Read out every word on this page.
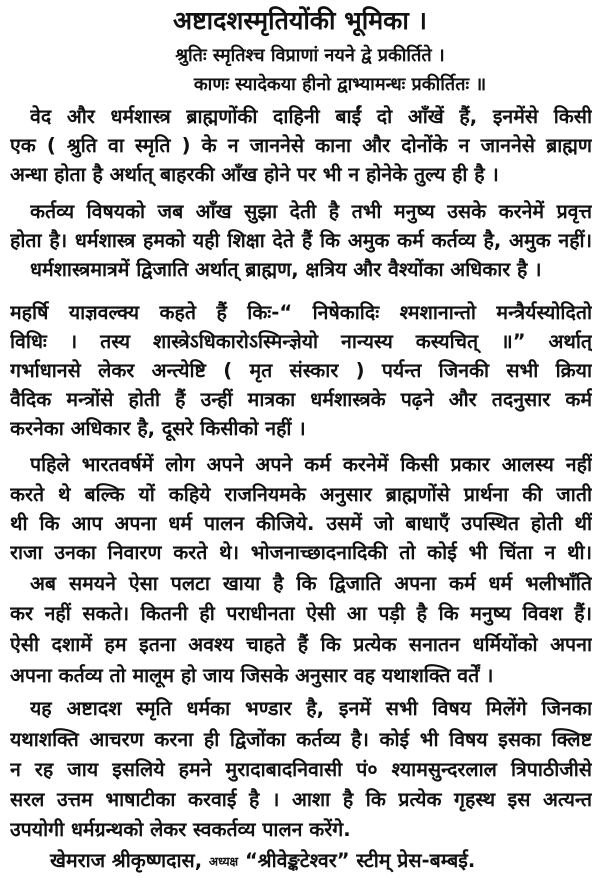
अष्टादशस्मृतियोंकी भूमिका ।
श्रुतिः स्मृतिश्च विप्राणां नयने द्वे प्रकीर्तिते ।
काणः स्यादेकया हीनो द्वाभ्यामन्धः प्रकीर्तितः ॥
वेद और धर्मशास्त्र ब्राह्मणोंकी दाहिनी बाईं दो आँखें हैं, इनमेंसे किसी
एक ( श्रुति वा स्मृति ) के न जाननेसे काना और दोनोंके न जाननेसे ब्राह्मण
अन्धा होता है अर्थात् बाहरकी आँख होने पर भी न होनेके तुल्य ही है ।
कर्तव्य विषयको जब आँख सुझा देती है तभी मनुष्य उसके करनेमें प्रवृत्त
होता है। धर्मशास्त्र हमको यही शिक्षा देते हैं कि अमुक कर्म कर्तव्य है, अमुक नहीं।
धर्मशास्त्रमात्रमें द्विजाति अर्थात् ब्राह्मण, क्षत्रिय और वैश्योंका अधिकार है ।
महर्षि याज्ञवल्क्य कहते हैं किः-“ निषेकादिः श्मशानान्तो मन्त्रैर्यस्योदितो
विधिः । तस्य शास्त्रेऽधिकारोऽस्मिन्ज्ञेयो नान्यस्य कस्यचित् ॥” अर्थात्
गर्भाधानसे लेकर अन्त्येष्टि ( मृत संस्कार ) पर्यन्त जिनकी सभी क्रिया
वैदिक मन्त्रोंसे होती हैं उन्हीं मात्रका धर्मशास्त्रके पढ़ने और तदनुसार कर्म
करनेका अधिकार है, दूसरे किसीको नहीं ।
पहिले भारतवर्षमें लोग अपने अपने कर्म करनेमें किसी प्रकार आलस्य नहीं
करते थे बल्कि यों कहिये राजनियमके अनुसार ब्राह्मणोंसे प्रार्थना की जाती
थी कि आप अपना धर्म पालन कीजिये. उसमें जो बाधाएँ उपस्थित होती थीं
राजा उनका निवारण करते थे। भोजनाच्छादनादिकी तो कोई भी चिंता न थी।
अब समयने ऐसा पलटा खाया है कि द्विजाति अपना कर्म धर्म भलीभाँति
कर नहीं सकते। कितनी ही पराधीनता ऐसी आ पड़ी है कि मनुष्य विवश हैं।
ऐसी दशामें हम इतना अवश्य चाहते हैं कि प्रत्येक सनातन धर्मियोंको अपना
अपना कर्तव्य तो मालूम हो जाय जिसके अनुसार वह यथाशक्ति वर्तें ।
यह अष्टादश स्मृति धर्मका भण्डार है, इनमें सभी विषय मिलेंगे जिनका
यथाशक्ति आचरण करना ही द्विजोंका कर्तव्य है। कोई भी विषय इसका क्लिष्ट
न रह जाय इसलिये हमने मुरादाबादनिवासी पं० श्यामसुन्दरलाल त्रिपाठीजीसे
सरल उत्तम भाषाटीका करवाई है । आशा है कि प्रत्येक गृहस्थ इस अत्यन्त
उपयोगी धर्मग्रन्थको लेकर स्वकर्तव्य पालन करेंगे.
खेमराज श्रीकृष्णदास, अध्यक्ष “श्रीवेङ्कटेश्वर” स्टीम् प्रेस-बम्बई.
